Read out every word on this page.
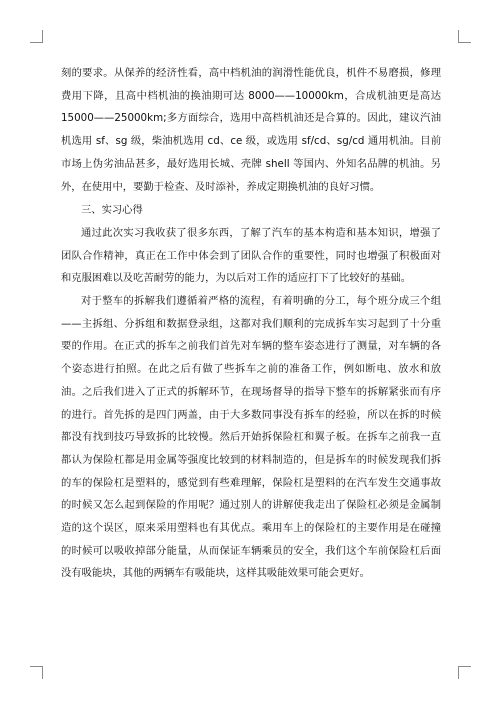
刻的要求。从保养的经济性看，高中档机油的润滑性能优良，机件不易磨损，修理费用下降，且高中档机油的换油期可达 8000——10000km，合成机油更是高达 15000——25000km;多方面综合，选用中高档机油还是合算的。因此，建议汽油机选用 sf、sg 级，柴油机选用 cd、ce 级，或选用 sf/cd、sg/cd 通用机油。目前市场上伪劣油品甚多，最好选用长城、壳牌 shell 等国内、外知名品牌的机油。另外，在使用中，要勤于检查、及时添补，养成定期换机油的良好习惯。

三、实习心得

通过此次实习我收获了很多东西，了解了汽车的基本构造和基本知识，增强了团队合作精神，真正在工作中体会到了团队合作的重要性，同时也增强了积极面对和克服困难以及吃苦耐劳的能力，为以后对工作的适应打下了比较好的基础。

对于整车的拆解我们遵循着严格的流程，有着明确的分工，每个班分成三个组——主拆组、分拆组和数据登录组，这都对我们顺利的完成拆车实习起到了十分重要的作用。在正式的拆车之前我们首先对车辆的整车姿态进行了测量，对车辆的各个姿态进行拍照。在此之后有做了些拆车之前的准备工作，例如断电、放水和放油。之后我们进入了正式的拆解环节，在现场督导的指导下整车的拆解紧张而有序的进行。首先拆的是四门两盖，由于大多数同事没有拆车的经验，所以在拆的时候都没有找到技巧导致拆的比较慢。然后开始拆保险杠和翼子板。在拆车之前我一直都认为保险杠都是用金属等强度比较到的材料制造的，但是拆车的时候发现我们拆的车的保险杠是塑料的，感觉到有些难理解，保险杠是塑料的在汽车发生交通事故的时候又怎么起到保险的作用呢？通过别人的讲解使我走出了保险杠必须是金属制造的这个误区，原来采用塑料也有其优点。乘用车上的保险杠的主要作用是在碰撞的时候可以吸收掉部分能量，从而保证车辆乘员的安全，我们这个车前保险杠后面没有吸能块，其他的两辆车有吸能块，这样其吸能效果可能会更好。
